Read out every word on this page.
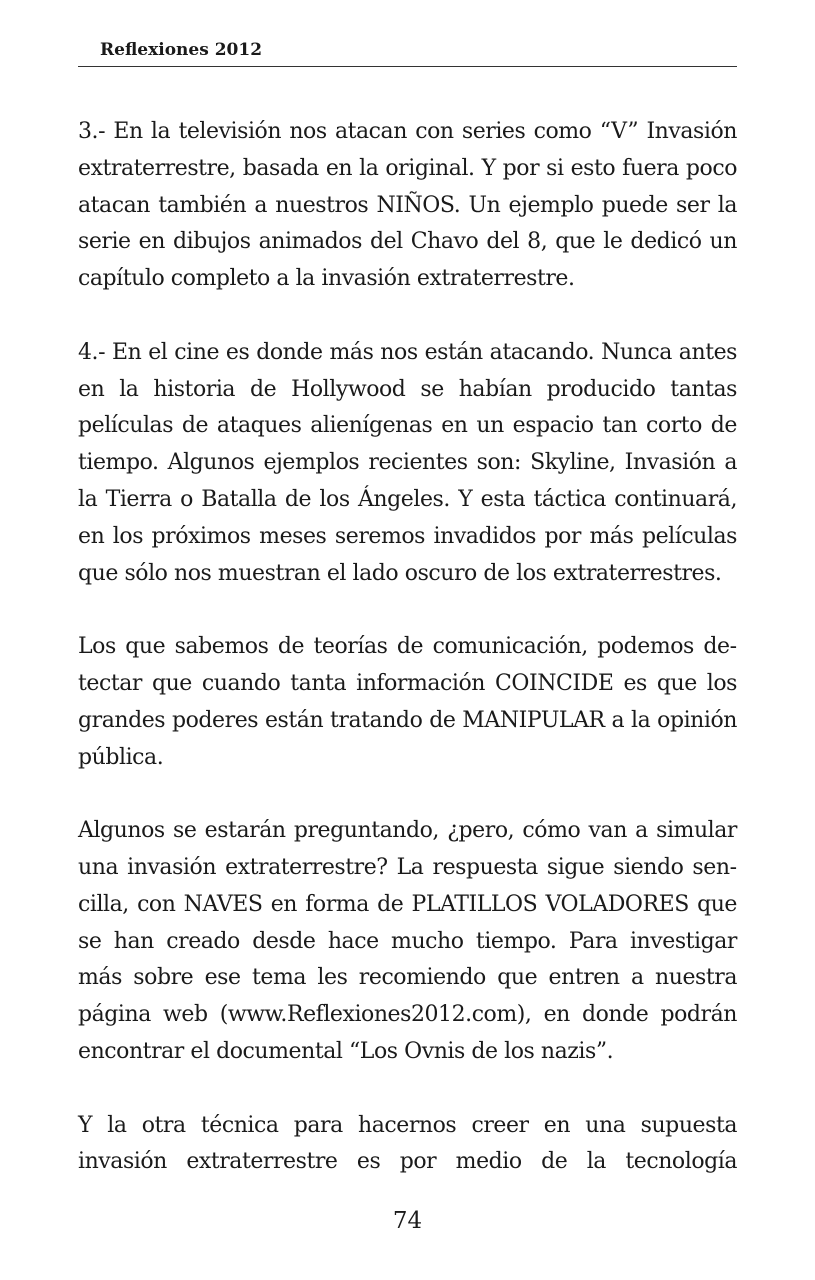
Reflexiones 2012

3.- En la televisión nos atacan con series como “V” Invasión extraterrestre, basada en la original. Y por si esto fuera poco atacan también a nuestros NIÑOS. Un ejemplo puede ser la serie en dibujos animados del Chavo del 8, que le dedicó un capítulo completo a la invasión extraterrestre.

4.- En el cine es donde más nos están atacando. Nunca antes en la historia de Hollywood se habían producido tantas películas de ataques alienígenas en un espacio tan corto de tiempo. Algunos ejemplos recientes son: Skyline, Invasión a la Tierra o Batalla de los Ángeles. Y esta táctica continuará, en los próximos meses seremos invadidos por más películas que sólo nos muestran el lado oscuro de los extraterrestres.

Los que sabemos de teorías de comunicación, podemos detectar que cuando tanta información COINCIDE es que los grandes poderes están tratando de MANIPULAR a la opinión pública.

Algunos se estarán preguntando, ¿pero, cómo van a simular una invasión extraterrestre? La respuesta sigue siendo sencilla, con NAVES en forma de PLATILLOS VOLADORES que se han creado desde hace mucho tiempo. Para investigar más sobre ese tema les recomiendo que entren a nuestra página web (www.Reflexiones2012.com), en donde podrán encontrar el documental “Los Ovnis de los nazis”.

Y la otra técnica para hacernos creer en una supuesta invasión extraterrestre es por medio de la tecnología

74
